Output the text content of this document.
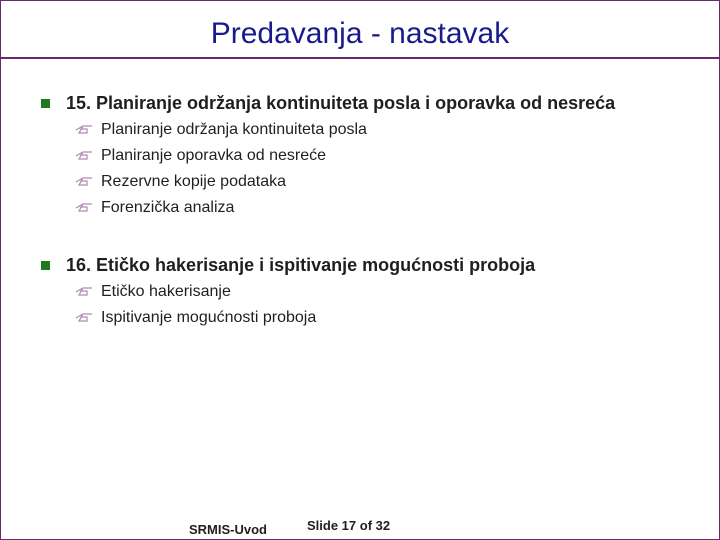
Predavanja - nastavak
15. Planiranje održanja kontinuiteta posla i oporavka od nesreća
Planiranje održanja kontinuiteta posla
Planiranje oporavka od nesreće
Rezervne kopije podataka
Forenzička analiza
16. Etičko hakerisanje i ispitivanje mogućnosti proboja
Etičko hakerisanje
Ispitivanje mogućnosti proboja
SRMIS-Uvod	Slide 17 of 32
